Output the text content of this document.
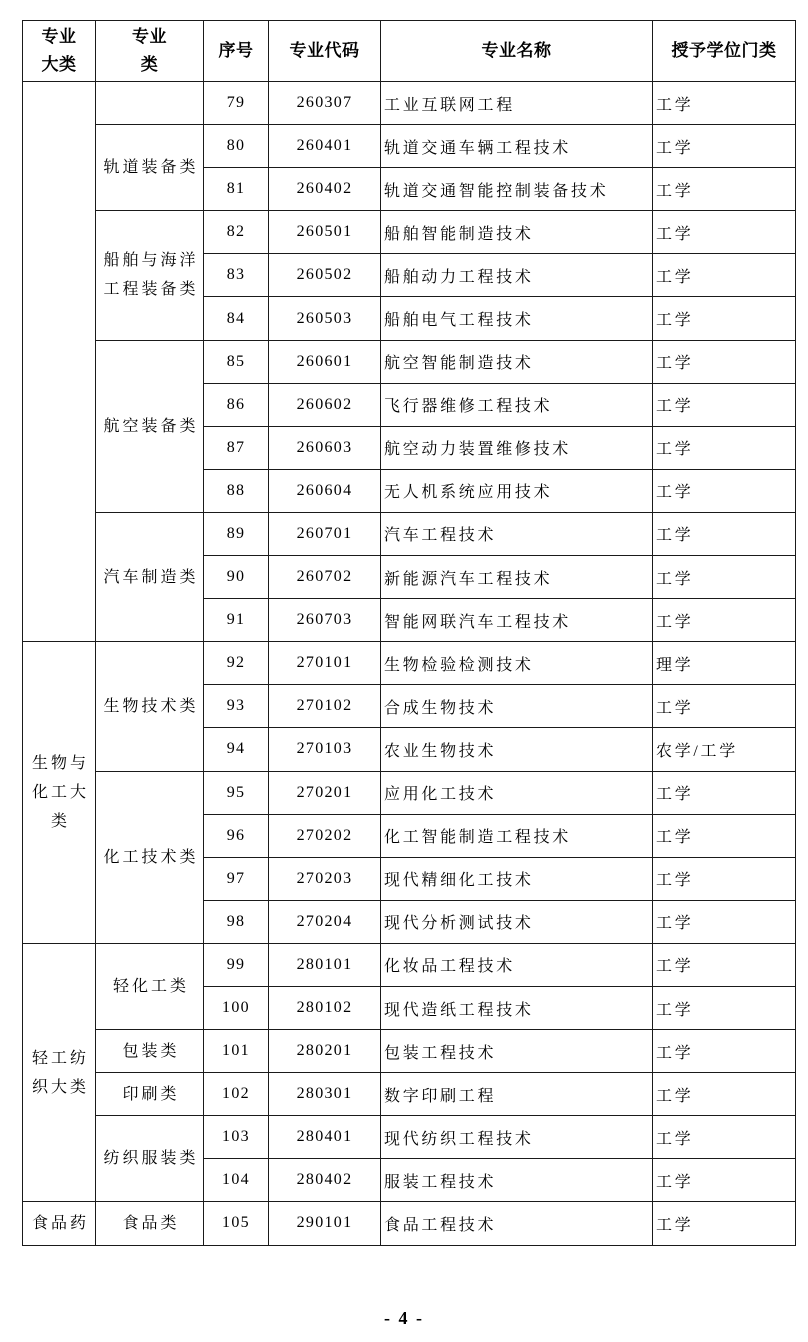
专业
大类	专业
类	序号	专业代码	专业名称	授予学位门类

		79	260307	工业互联网工程	工学

	轨道装备类	80	260401	轨道交通车辆工程技术	工学
		81	260402	轨道交通智能控制装备技术	工学

	船舶与海洋
工程装备类	82	260501	船舶智能制造技术	工学
		83	260502	船舶动力工程技术	工学
		84	260503	船舶电气工程技术	工学

	航空装备类	85	260601	航空智能制造技术	工学
		86	260602	飞行器维修工程技术	工学
		87	260603	航空动力装置维修技术	工学
		88	260604	无人机系统应用技术	工学

	汽车制造类	89	260701	汽车工程技术	工学
		90	260702	新能源汽车工程技术	工学
		91	260703	智能网联汽车工程技术	工学

生物与
化工大
类	生物技术类	92	270101	生物检验检测技术	理学
		93	270102	合成生物技术	工学
		94	270103	农业生物技术	农学/工学

	化工技术类	95	270201	应用化工技术	工学
		96	270202	化工智能制造工程技术	工学
		97	270203	现代精细化工技术	工学
		98	270204	现代分析测试技术	工学

轻工纺
织大类	轻化工类	99	280101	化妆品工程技术	工学
		100	280102	现代造纸工程技术	工学

	包装类	101	280201	包装工程技术	工学

	印刷类	102	280301	数字印刷工程	工学

	纺织服装类	103	280401	现代纺织工程技术	工学
		104	280402	服装工程技术	工学

食品药	食品类	105	290101	食品工程技术	工学
- 4 -
